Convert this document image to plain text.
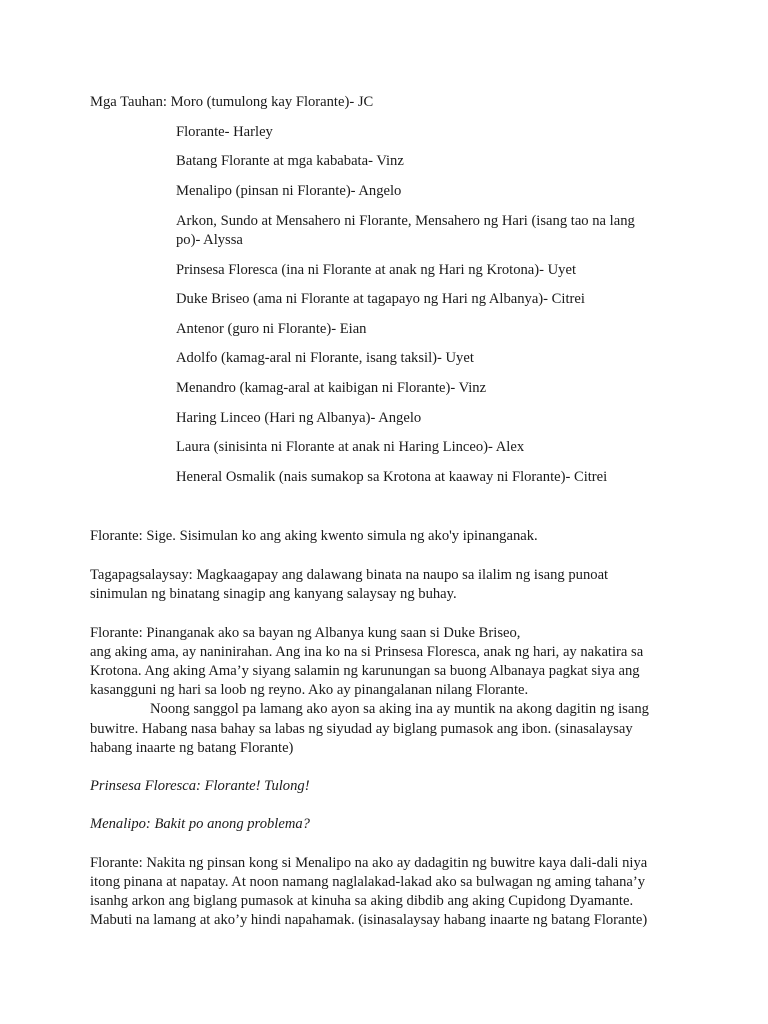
Mga Tauhan: Moro (tumulong kay Florante)- JC
Florante- Harley
Batang Florante at mga kababata- Vinz
Menalipo (pinsan ni Florante)- Angelo
Arkon, Sundo at Mensahero ni Florante, Mensahero ng Hari (isang tao na lang
po)- Alyssa
Prinsesa Floresca (ina ni Florante at anak ng Hari ng Krotona)- Uyet
Duke Briseo (ama ni Florante at tagapayo ng Hari ng Albanya)- Citrei
Antenor (guro ni Florante)- Eian
Adolfo (kamag-aral ni Florante, isang taksil)- Uyet
Menandro (kamag-aral at kaibigan ni Florante)- Vinz
Haring Linceo (Hari ng Albanya)- Angelo
Laura (sinisinta ni Florante at anak ni Haring Linceo)- Alex
Heneral Osmalik (nais sumakop sa Krotona at kaaway ni Florante)- Citrei
Florante: Sige. Sisimulan ko ang aking kwento simula ng ako'y ipinanganak.
Tagapagsalaysay: Magkaagapay ang dalawang binata na naupo sa ilalim ng isang punoat
sinimulan ng binatang sinagip ang kanyang salaysay ng buhay.
Florante: Pinanganak ako sa bayan ng Albanya kung saan si Duke Briseo,
ang aking ama, ay naninirahan. Ang ina ko na si Prinsesa Floresca, anak ng hari, ay nakatira sa
Krotona. Ang aking Ama’y siyang salamin ng karunungan sa buong Albanaya pagkat siya ang
kasangguni ng hari sa loob ng reyno. Ako ay pinangalanan nilang Florante.
Noong sanggol pa lamang ako ayon sa aking ina ay muntik na akong dagitin ng isang
buwitre. Habang nasa bahay sa labas ng siyudad ay biglang pumasok ang ibon. (sinasalaysay
habang inaarte ng batang Florante)
Prinsesa Floresca: Florante! Tulong!
Menalipo: Bakit po anong problema?
Florante: Nakita ng pinsan kong si Menalipo na ako ay dadagitin ng buwitre kaya dali-dali niya
itong pinana at napatay. At noon namang naglalakad-lakad ako sa bulwagan ng aming tahana’y
isanhg arkon ang biglang pumasok at kinuha sa aking dibdib ang aking Cupidong Dyamante.
Mabuti na lamang at ako’y hindi napahamak. (isinasalaysay habang inaarte ng batang Florante)
